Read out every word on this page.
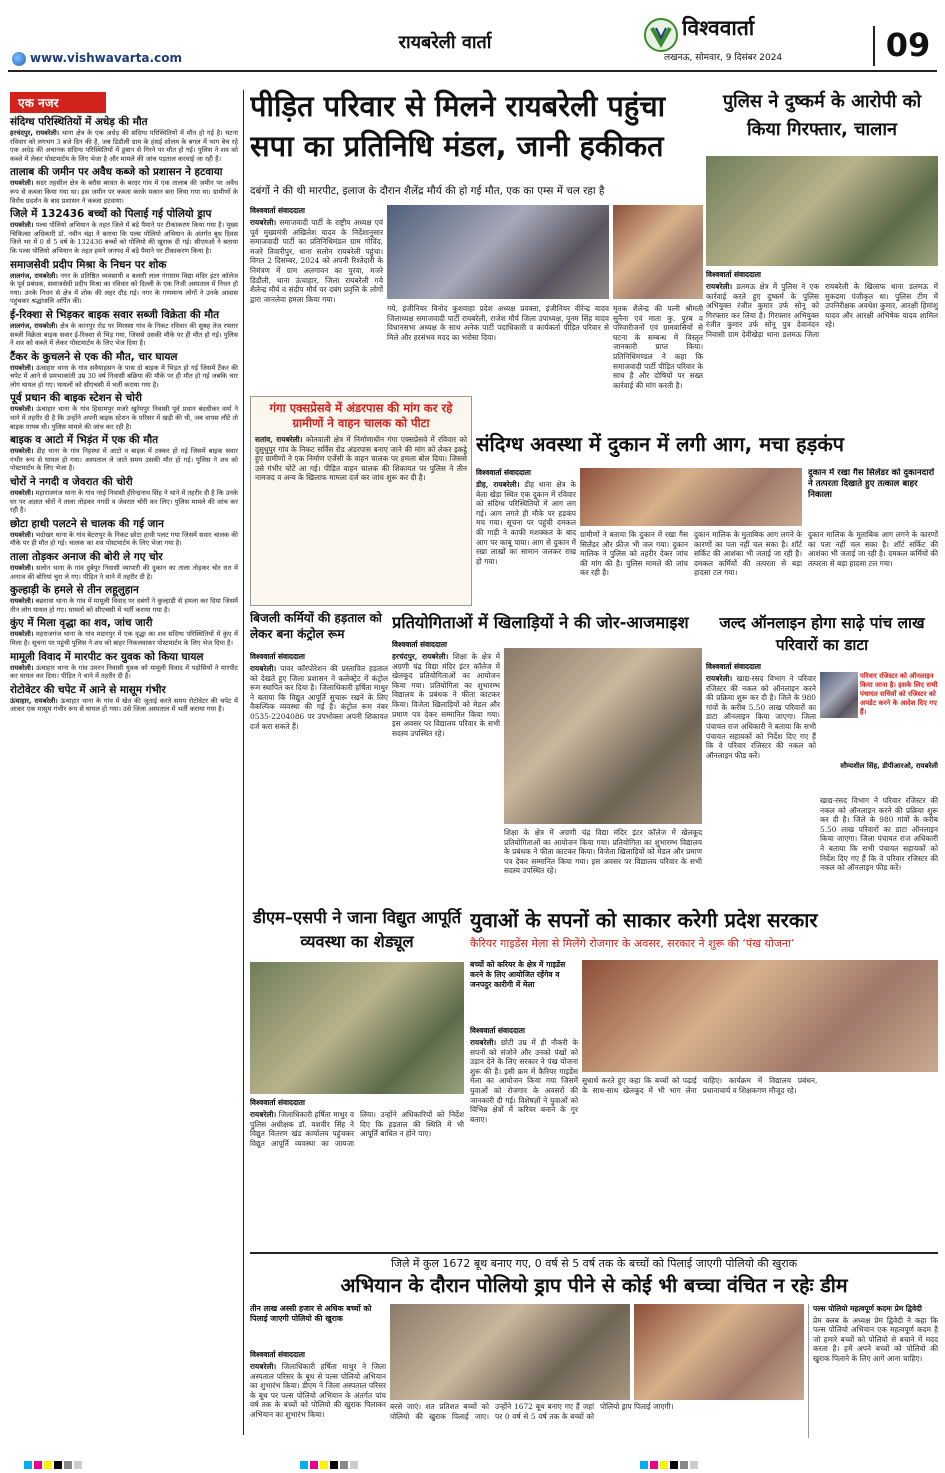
www.vishwavarta.com
रायबरेली वार्ता
विश्ववार्ता
लखनऊ, सोमवार, 9 दिसंबर 2024	09
एक नजर
संदिग्ध परिस्थितियों में अधेड़ की मौत
हरचंदपुर, रायबरेली। थाना क्षेत्र के एक अधेड़ की संदिग्ध परिस्थितियों में मौत हो गई है। घटना रविवार को लगभग 3 बजे दिन की है, जब डिडौली ग्राम के हंसई शोलम के बगल में भाग बेच रहे एक अधेड़ की अचानक संदिग्ध परिस्थितियों में डुबान से गिरने पर मौत हो गई। पुलिस ने शव को कब्जे में लेकर पोस्टमार्टम के लिए भेजा है और मामले की जांच पड़ताल करवाई जा रही है।
तालाब की जमीन पर अवैध कब्जे को प्रशासन ने हटवाया
रायबरेली। सदर तहसील क्षेत्र के बरौस बरवत के बरदर गांव में एक तालाब की जमीन पर अवैध रूप से कब्जा किया गया था। इस जमीन पर कब्जा करके मकान बना लिया गया था। ग्रामीणों के विरोध प्रदर्शन के बाद प्रशासन ने कब्जा हटवाया।
जिले में 132436 बच्चों को पिलाई गई पोलियो ड्राप
रायबरेली। पल्स पोलियो अभियान के तहत जिले में बड़े पैमाने पर टीकाकरण किया गया है। मुख्य चिकित्सा अधिकारी डॉ. नवीन चंद्रा ने बताया कि पल्स पोलियो अभियान के अंतर्गत बूथ दिवस जिले भर में 0 से 5 वर्ष के 132436 बच्चों को पोलियो की खुराक दी गई। सीएमओ ने बताया कि पल्स पोलियो अभियान के तहत हमने जनपद में बड़े पैमाने पर टीकाकरण किया है।
समाजसेवी प्रदीप मिश्रा के निधन पर शोक
लालगंज, रायबरेली। नगर के प्रतिष्ठित व्यवसायी व बलारी लाल गंगाराम विद्या मंदिर इंटर कॉलेज के पूर्व प्रबंधक, समाजसेवी प्रदीप मिश्रा का रविवार को दिल्ली के एक निजी अस्पताल में निधन हो गया। उनके निधन से क्षेत्र में शोक की लहर दौड़ गई। नगर के गणमान्य लोगों ने उनके आवास पहुंचकर श्रद्धांजलि अर्पित की।
ई-रिक्शा से भिड़कर बाइक सवार सब्जी विक्रेता की मौत
लालगंज, रायबरेली। क्षेत्र के कानपुर रोड पर मिरस्सा गांव के निकट रविवार की सुबह तेज रफ्तार सब्जी विक्रेता बाइक सवार ई-रिक्शा से भिड़ गया, जिससे उसकी मौके पर ही मौत हो गई। पुलिस ने शव को कब्जे में लेकर पोस्टमार्टम के लिए भेज दिया है।
टैंकर के कुचलने से एक की मौत, चार घायल
रायबरेली। ऊंचाहार थाना के गांव सवैयाहसन के पास दो बाइक में भिड़त हो गई जिसमें टैंकर की चपेट में आने से प्रमभाकांती उम्र 30 वर्ष निवासी बछिया की मौके पर ही मौत हो गई जबकि चार लोग घायल हो गए। घायलों को सीएचसी में भर्ती कराया गया है।
पूर्व प्रधान की बाइक स्टेशन से चोरी
रायबरेली। ऊंचाहार थाना के गांव हिसामपुर मजरे खुर्रमपुर निवासी पूर्व प्रधान बंदधीकर वर्मा ने थाने में तहरीर दी है कि उन्होंने अपनी बाइक स्टेशन के परिसर में खड़ी की थी, जब वापस लौटे तो बाइक गायब थी। पुलिस मामले की जांच कर रही है।
बाइक व आटो में भिड़ंत में एक की मौत
रायबरेली। डीह थाना के गांव निहस्था में आटो व बाइक में टक्कर हो गई जिसमें बाइक सवार गंभीर रूप से घायल हो गया। अस्पताल ले जाते समय उसकी मौत हो गई। पुलिस ने शव को पोस्टमार्टम के लिए भेजा है।
चोरों ने नगदी व जेवरात की चोरी
रायबरेली। महाराजगंज थाना के गांव नरई निवासी हीरेन्द्रनाथ सिंह ने थाने में तहरीर दी है कि उनके घर पर अज्ञात चोरों ने ताला तोड़कर नगदी व जेवरात चोरी कर लिए। पुलिस मामले की जांच कर रही है।
छोटा हाथी पलटने से चालक की गई जान
रायबरेली। भदोखर थाना के गांव बेटरापुर के निकट छोटा हाथी पलट गया जिसमें सवार चालक की मौके पर ही मौत हो गई। चालक का शव पोस्टमार्टम के लिए भेजा गया है।
ताला तोड़कर अनाज की बोरी ले गए चोर
रायबरेली। सलोन थाना के गांव दुबेपुर निवासी व्यापारी की दुकान का ताला तोड़कर चोर रात में अनाज की बोरियां चुरा ले गए। पीड़ित ने थाने में तहरीर दी है।
कुल्हाड़ी के हमले से तीन लहूलुहान
रायबरेली। बछरावां थाना के गांव में मामूली विवाद पर दबंगों ने कुल्हाड़ी से हमला कर दिया जिसमें तीन लोग घायल हो गए। घायलों को सीएचसी में भर्ती कराया गया है।
कुंए में मिला वृद्धा का शव, जांच जारी
रायबरेली। महराजगंज थाना के गांव मदारपुर में एक वृद्धा का शव संदिग्ध परिस्थितियों में कुंए में मिला है। सूचना पर पहुंची पुलिस ने शव को बाहर निकलवाकर पोस्टमार्टम के लिए भेज दिया है।
मामूली विवाद में मारपीट कर युवक को किया घायल
रायबरेली। ऊंचाहार थाना के गांव उमरन निवासी युवक को मामूली विवाद में पड़ोसियों ने मारपीट कर घायल कर दिया। पीड़ित ने थाने में तहरीर दी है।
रोटोवेटर की चपेट में आने से मासूम गंभीर
ऊंचाहार, रायबरेली। ऊंचाहार थाना के गांव में खेत की जुताई करते समय रोटोवेटर की चपेट में आकर एक मासूम गंभीर रूप से घायल हो गया। उसे जिला अस्पताल में भर्ती कराया गया है।
पीड़ित परिवार से मिलने रायबरेली पहुंचा सपा का प्रतिनिधि मंडल, जानी हकीकत
दबंगों ने की थी मारपीट, इलाज के दौरान शैलेंद्र मौर्य की हो गई मौत, एक का एम्स में चल रहा है
विश्ववार्ता संवाददाता
रायबरेली। समाजवादी पार्टी के राष्ट्रीय अध्यक्ष एवं पूर्व मुख्यमंत्री अखिलेश यादव के निर्देशानुसार समाजवादी पार्टी का प्रतिनिधिमंडल ग्राम गोविंद, मजरे तिवारीपुर, थाना सलोन रायबरेली पहुंचा। विगत 2 दिसम्बर, 2024 को अपनी रिश्तेदारी के निमंत्रण में ग्राम अलगावन का पुरवा, मजरे डिडौली, थाना ऊंचाहार, जिला रायबरेली गये शैलेन्द्र मौर्य व संदीप मौर्य पर दबंग प्रवृत्ति के लोगों द्वारा जानलेवा हमला किया गया।
गये, इंजीनियर विनोद कुशवाहा प्रदेश अध्यक्ष प्रवक्ता, इंजीनियर वीरेन्द्र यादव जिलाध्यक्ष समाजवादी पार्टी रायबरेली, राजेश मौर्य जिला उपाध्यक्ष, पूनम सिंह यादव विधानसभा अध्यक्ष के साथ अनेक पार्टी पदाधिकारी व कार्यकर्ता पीड़ित परिवार से मिले और हरसंभव मदद का भरोसा दिया।
मृतक शैलेन्द्र की पत्नी श्रीमती सुनैना एवं माता कु. पूरब व परिवारीजनों एवं ग्रामवासियों से घटना के सम्बन्ध में विस्तृत जानकारी प्राप्त किया। प्रतिनिधिमण्डल ने कहा कि समाजवादी पार्टी पीड़ित परिवार के साथ है और दोषियों पर सख्त कार्रवाई की मांग करती है।
पुलिस ने दुष्कर्म के आरोपी को किया गिरफ्तार, चालान
विश्ववार्ता संवाददाता
रायबरेली। डलमऊ क्षेत्र में पुलिस ने एक कार्रवाई करते हुए दुष्कर्म के पुलिस अभियुक्त रंजीत कुमार उर्फ सोनू को गिरफ्तार कर लिया है। गिरफ्तार अभियुक्त रंजीत कुमार उर्फ सोनू पुत्र देवानंदन निवासी ग्राम देवीखेड़ा थाना डलमऊ जिला रायबरेली के खिलाफ थाना डलमऊ में मुकदमा पंजीकृत था। पुलिस टीम में उपनिरीक्षक अवधेश कुमार, आरक्षी हिमांशु यादव और आरक्षी अभिषेक यादव शामिल रहे।
गंगा एक्सप्रेसवे में अंडरपास की मांग कर रहे ग्रामीणों ने वाहन चालक को पीटा
सतांव, रायबरेली। कोतवाली क्षेत्र में निर्माणाधीन गंगा एक्सप्रेसवे में रविवार को दुसुधुपुर गांव के निकट सर्विस रोड अंडरपास बनाए जाने की मांग को लेकर इकट्ठे हुए ग्रामीणों ने एक निर्माण एजेंसी के वाहन चालक पर हमला बोल दिया। जिससे उसे गंभीर चोटें आ गई। पीड़ित वाहन चालक की शिकायत पर पुलिस ने तीन नामजद व अन्य के खिलाफ मामला दर्ज कर जांच शुरू कर दी है।
संदिग्ध अवस्था में दुकान में लगी आग, मचा हड़कंप
विश्ववार्ता संवाददाता
डीह, रायबरेली। डीह थाना क्षेत्र के बेला खेड़ा स्थित एक दुकान में रविवार को संदिग्ध परिस्थितियों में आग लग गई। आग लगते ही मौके पर हड़कंप मच गया। सूचना पर पहुंची दमकल की गाड़ी ने काफी मशक्कत के बाद आग पर काबू पाया। आग से दुकान में रखा लाखों का सामान जलकर राख हो गया।
ग्रामीणों ने बताया कि दुकान में रखा गैस सिलेंडर और फ्रीज़ भी जल गया। दुकान मालिक ने पुलिस को तहरीर देकर जांच की मांग की है। पुलिस मामले की जांच कर रही है।
दुकान मालिक के मुताबिक आग लगने के कारणों का पता नहीं चल सका है। शॉर्ट सर्किट की आशंका भी जताई जा रही है। दमकल कर्मियों की तत्परता से बड़ा हादसा टल गया।
दुकान में रखा गैस सिलेंडर को दुकानदारों ने तत्परता दिखाते हुए तत्काल बाहर निकाला
दुकान मालिक के मुताबिक आग लगने के कारणों का पता नहीं चल सका है। शॉर्ट सर्किट की आशंका भी जताई जा रही है। दमकल कर्मियों की तत्परता से बड़ा हादसा टल गया।
बिजली कर्मियों की हड़ताल को लेकर बना कंट्रोल रूम
विश्ववार्ता संवाददाता
रायबरेली। पावर कॉरपोरेशन की प्रस्तावित हड़ताल को देखते हुए जिला प्रशासन ने कलेक्ट्रेट में कंट्रोल रूम स्थापित कर दिया है। जिलाधिकारी हर्षिता माथुर ने बताया कि विद्युत आपूर्ति सुचारू रखने के लिए वैकल्पिक व्यवस्था की गई है। कंट्रोल रूम नंबर 0535-2204086 पर उपभोक्ता अपनी शिकायत दर्ज करा सकते हैं।
प्रतियोगिताओं में खिलाड़ियों ने की जोर-आजमाइश
विश्ववार्ता संवाददाता
हरचंदपुर, रायबरेली। शिक्षा के क्षेत्र में अग्रणी चंद्र विद्या मंदिर इंटर कॉलेज में खेलकूद प्रतियोगिताओं का आयोजन किया गया। प्रतियोगिता का शुभारम्भ विद्यालय के प्रबंधक ने फीता काटकर किया। विजेता खिलाड़ियों को मेडल और प्रमाण पत्र देकर सम्मानित किया गया। इस अवसर पर विद्यालय परिवार के सभी सदस्य उपस्थित रहे।
शिक्षा के क्षेत्र में अग्रणी चंद्र विद्या मंदिर इंटर कॉलेज में खेलकूद प्रतियोगिताओं का आयोजन किया गया। प्रतियोगिता का शुभारम्भ विद्यालय के प्रबंधक ने फीता काटकर किया। विजेता खिलाड़ियों को मेडल और प्रमाण पत्र देकर सम्मानित किया गया। इस अवसर पर विद्यालय परिवार के सभी सदस्य उपस्थित रहे।
जल्द ऑनलाइन होगा साढ़े पांच लाख परिवारों का डाटा
विश्ववार्ता संवाददाता
रायबरेली। खाद्य-रसद विभाग ने परिवार रजिस्टर की नकल को ऑनलाइन करने की प्रक्रिया शुरू कर दी है। जिले के 980 गांवों के करीब 5.50 लाख परिवारों का डाटा ऑनलाइन किया जाएगा। जिला पंचायत राज अधिकारी ने बताया कि सभी पंचायत सहायकों को निर्देश दिए गए हैं कि वे परिवार रजिस्टर की नकल को ऑनलाइन फीड करें।
परिवार रजिस्टर को ऑनलाइन किया जाना है। इसके लिए सभी पंचायत सचिवों को रजिस्टर को अपडेट करने के आदेश दिए गए हैं।
सौम्यशील सिंह, डीपीआरओ, रायबरेली
खाद्य-रसद विभाग ने परिवार रजिस्टर की नकल को ऑनलाइन करने की प्रक्रिया शुरू कर दी है। जिले के 980 गांवों के करीब 5.50 लाख परिवारों का डाटा ऑनलाइन किया जाएगा। जिला पंचायत राज अधिकारी ने बताया कि सभी पंचायत सहायकों को निर्देश दिए गए हैं कि वे परिवार रजिस्टर की नकल को ऑनलाइन फीड करें।
डीएम–एसपी ने जाना विद्युत आपूर्ति व्यवस्था का शेड्यूल
विश्ववार्ता संवाददाता
रायबरेली। जिलाधिकारी हर्षिता माथुर व पुलिस अधीक्षक डॉ. यशवीर सिंह ने विद्युत वितरण खंड कार्यालय पहुंचकर विद्युत आपूर्ति व्यवस्था का जायजा लिया। उन्होंने अधिकारियों को निर्देश दिए कि हड़ताल की स्थिति में भी आपूर्ति बाधित न होने पाए।
युवाओं के सपनों को साकार करेगी प्रदेश सरकार
कैरियर गाइडेंस मेला से मिलेंगे रोजगार के अवसर, सरकार ने शुरू की ‘पंख योजना’
बच्चों को करियर के क्षेत्र में गाइडेंस करने के लिए आयोजित रहेंगेव व जनपदुर कारीगी में मेला
विश्ववार्ता संवाददाता
रायबरेली। छोटी उम्र में ही नौकरी के सपनों को संजोने और उनको पंखों को उड़ान देने के लिए सरकार ने पंख योजना शुरू की है। इसी क्रम में कैरियर गाइडेंस मेला का आयोजन किया गया जिसमें युवाओं को रोजगार के अवसरों की जानकारी दी गई। विशेषज्ञों ने युवाओं को विभिन्न क्षेत्रों में करियर बनाने के गुर बताए।
सुधार्थ करते हुए कहा कि बच्चों को पढ़ाई के साथ-साथ खेलकूद में भी भाग लेना चाहिए। कार्यक्रम में विद्यालय प्रबंधन, प्रधानाचार्य व शिक्षकगण मौजूद रहे।
जिले में कुल 1672 बूथ बनाए गए, 0 वर्ष से 5 वर्ष तक के बच्चों को पिलाई जाएगी पोलियो की खुराक
अभियान के दौरान पोलियो ड्राप पीने से कोई भी बच्चा वंचित न रहेः डीम
तीन लाख अस्सी हजार से अधिक बच्चों को पिलाई जाएगी पोलियो की खुराक
विश्ववार्ता संवाददाता
रायबरेली। जिलाधिकारी हर्षिता माथुर ने जिला अस्पताल परिसर के बूथ से पल्स पोलियो अभियान का शुभारंभ किया। डीएम ने जिला अस्पताल परिसर के बूथ पर पल्स पोलियो अभियान के अंतर्गत पांच वर्ष तक के बच्चों को पोलियो की खुराक पिलाकर अभियान का शुभारंभ किया।
बरसे जाएं। शत प्रतिशत बच्चों को पोलियो की खुराक पिलाई जाए। उन्होंने 1672 बूथ बनाए गए हैं जहां पर 0 वर्ष से 5 वर्ष तक के बच्चों को पोलियो ड्राप पिलाई जाएगी।
पल्स पोलियो महत्वपूर्ण कदमः प्रेम द्विवेदी
प्रेम क्लब के अध्यक्ष प्रेम द्विवेदी ने कहा कि पल्स पोलियो अभियान एक महत्वपूर्ण कदम है जो हमारे बच्चों को पोलियो से बचाने में मदद करता है। हमें अपने बच्चों को पोलियो की खुराक पिलाने के लिए आगे आना चाहिए।
